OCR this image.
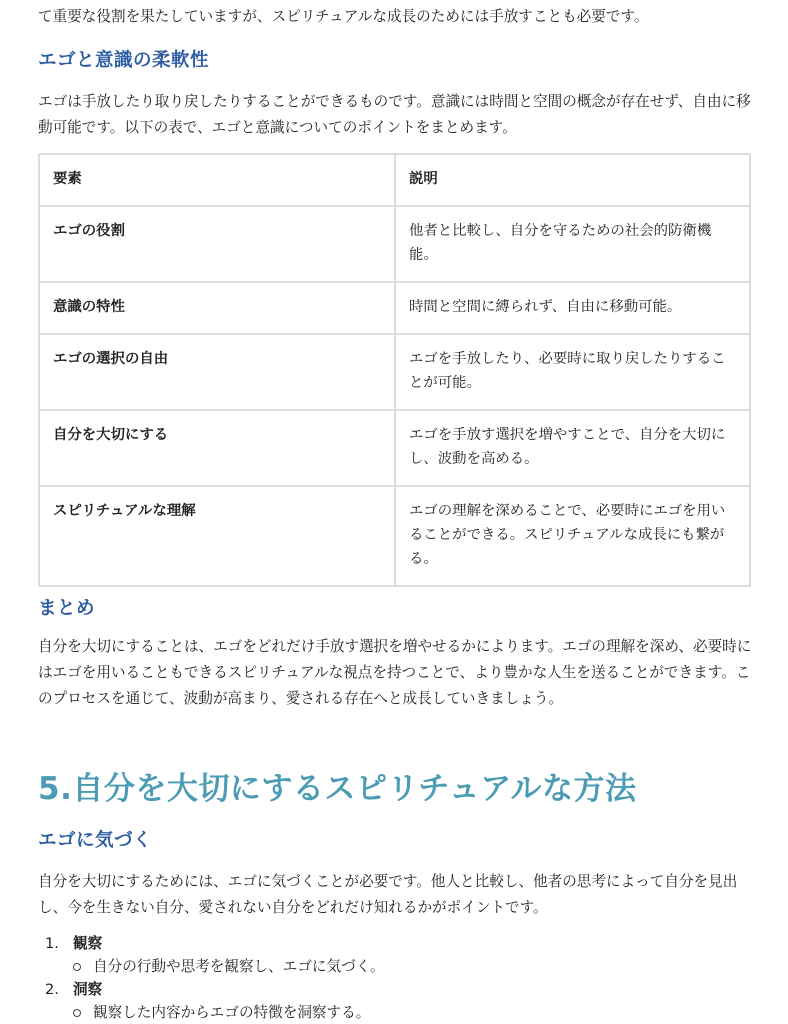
て重要な役割を果たしていますが、スピリチュアルな成長のためには手放すことも必要です。

エゴと意識の柔軟性

エゴは手放したり取り戻したりすることができるものです。意識には時間と空間の概念が存在せず、自由に移動可能です。以下の表で、エゴと意識についてのポイントをまとめます。

要素	説明
エゴの役割	他者と比較し、自分を守るための社会的防衛機能。
意識の特性	時間と空間に縛られず、自由に移動可能。
エゴの選択の自由	エゴを手放したり、必要時に取り戻したりすることが可能。
自分を大切にする	エゴを手放す選択を増やすことで、自分を大切にし、波動を高める。
スピリチュアルな理解	エゴの理解を深めることで、必要時にエゴを用いることができる。スピリチュアルな成長にも繋がる。
まとめ

自分を大切にすることは、エゴをどれだけ手放す選択を増やせるかによります。エゴの理解を深め、必要時にはエゴを用いることもできるスピリチュアルな視点を持つことで、より豊かな人生を送ることができます。このプロセスを通じて、波動が高まり、愛される存在へと成長していきましょう。

5.自分を大切にするスピリチュアルな方法
エゴに気づく

自分を大切にするためには、エゴに気づくことが必要です。他人と比較し、他者の思考によって自分を見出し、今を生きない自分、愛されない自分をどれだけ知れるかがポイントです。

1. 観察
自分の行動や思考を観察し、エゴに気づく。
2. 洞察
観察した内容からエゴの特徴を洞察する。
